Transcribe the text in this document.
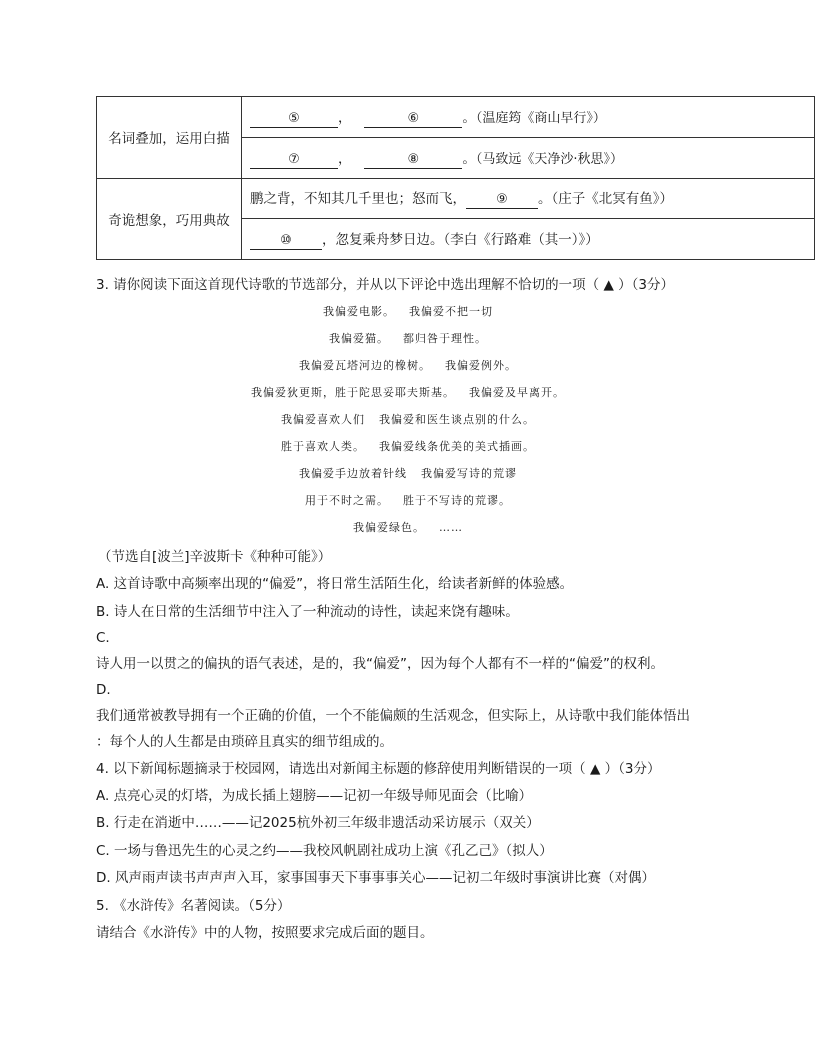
名词叠加，运用白描	⑤ ， ⑥ 。（温庭筠《商山早行》）
	⑦ ， ⑧ 。（马致远《天净沙·秋思》）
奇诡想象，巧用典故	鹏之背，不知其几千里也；怒而飞， ⑨ 。（庄子《北冥有鱼》）
	⑩ ，忽复乘舟梦日边。（李白《行路难（其一）》）
3. 请你阅读下面这首现代诗歌的节选部分，并从以下评论中选出理解不恰切的一项（ ▲ ）（3分）
我偏爱电影。 我偏爱不把一切
我偏爱猫。 都归咎于理性。
我偏爱瓦塔河边的橡树。 我偏爱例外。
我偏爱狄更斯，胜于陀思妥耶夫斯基。 我偏爱及早离开。
我偏爱喜欢人们 我偏爱和医生谈点别的什么。
胜于喜欢人类。 我偏爱线条优美的美式插画。
我偏爱手边放着针线 我偏爱写诗的荒谬
用于不时之需。 胜于不写诗的荒谬。
我偏爱绿色。 ……
（节选自[波兰]辛波斯卡《种种可能》）
A. 这首诗歌中高频率出现的“偏爱”，将日常生活陌生化，给读者新鲜的体验感。
B. 诗人在日常的生活细节中注入了一种流动的诗性，读起来饶有趣味。
C.
诗人用一以贯之的偏执的语气表述，是的，我“偏爱”，因为每个人都有不一样的“偏爱”的权利。
D.
我们通常被教导拥有一个正确的价值，一个不能偏颇的生活观念，但实际上，从诗歌中我们能体悟出
：每个人的人生都是由琐碎且真实的细节组成的。
4. 以下新闻标题摘录于校园网，请选出对新闻主标题的修辞使用判断错误的一项（ ▲ ）（3分）
A. 点亮心灵的灯塔，为成长插上翅膀——记初一年级导师见面会（比喻）
B. 行走在消逝中……——记2025杭外初三年级非遗活动采访展示（双关）
C. 一场与鲁迅先生的心灵之约——我校风帆剧社成功上演《孔乙己》（拟人）
D. 风声雨声读书声声声入耳，家事国事天下事事事关心——记初二年级时事演讲比赛（对偶）
5. 《水浒传》名著阅读。（5分）
请结合《水浒传》中的人物，按照要求完成后面的题目。
